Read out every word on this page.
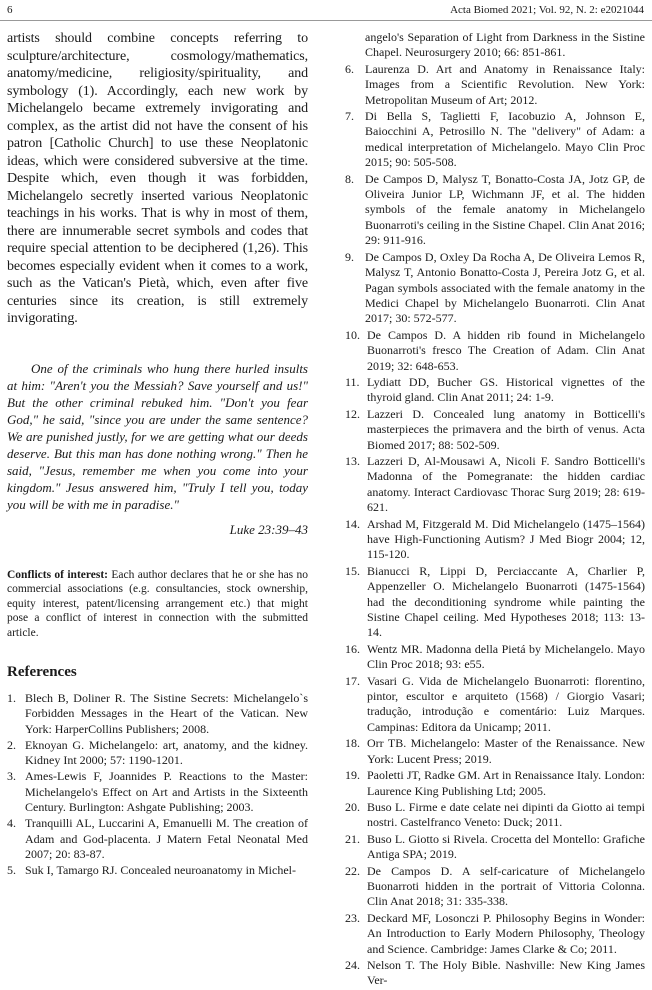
6	Acta Biomed 2021; Vol. 92, N. 2: e2021044

artists should combine concepts referring to sculpture/architecture, cosmology/mathematics, anatomy/medicine, religiosity/spirituality, and symbology (1). Accordingly, each new work by Michelangelo became extremely invigorating and complex, as the artist did not have the consent of his patron [Catholic Church] to use these Neoplatonic ideas, which were considered subversive at the time. Despite which, even though it was forbidden, Michelangelo secretly inserted various Neoplatonic teachings in his works. That is why in most of them, there are innumerable secret symbols and codes that require special attention to be deciphered (1,26). This becomes especially evident when it comes to a work, such as the Vatican's Pietà, which, even after five centuries since its creation, is still extremely invigorating.

One of the criminals who hung there hurled insults at him: "Aren't you the Messiah? Save yourself and us!" But the other criminal rebuked him. "Don't you fear God," he said, "since you are under the same sentence? We are punished justly, for we are getting what our deeds deserve. But this man has done nothing wrong." Then he said, "Jesus, remember me when you come into your kingdom." Jesus answered him, "Truly I tell you, today you will be with me in paradise."

Luke 23:39–43

Conflicts of interest: Each author declares that he or she has no commercial associations (e.g. consultancies, stock ownership, equity interest, patent/licensing arrangement etc.) that might pose a conflict of interest in connection with the submitted article.

References
1. Blech B, Doliner R. The Sistine Secrets: Michelangelo`s Forbidden Messages in the Heart of the Vatican. New York: HarperCollins Publishers; 2008.
2. Eknoyan G. Michelangelo: art, anatomy, and the kidney. Kidney Int 2000; 57: 1190-1201.
3. Ames-Lewis F, Joannides P. Reactions to the Master: Michelangelo's Effect on Art and Artists in the Sixteenth Century. Burlington: Ashgate Publishing; 2003.
4. Tranquilli AL, Luccarini A, Emanuelli M. The creation of Adam and God-placenta. J Matern Fetal Neonatal Med 2007; 20: 83-87.
5. Suk I, Tamargo RJ. Concealed neuroanatomy in Michel-
angelo's Separation of Light from Darkness in the Sistine Chapel. Neurosurgery 2010; 66: 851-861.
6. Laurenza D. Art and Anatomy in Renaissance Italy: Images from a Scientific Revolution. New York: Metropolitan Museum of Art; 2012.
7. Di Bella S, Taglietti F, Iacobuzio A, Johnson E, Baiocchini A, Petrosillo N. The "delivery" of Adam: a medical interpretation of Michelangelo. Mayo Clin Proc 2015; 90: 505-508.
8. De Campos D, Malysz T, Bonatto-Costa JA, Jotz GP, de Oliveira Junior LP, Wichmann JF, et al. The hidden symbols of the female anatomy in Michelangelo Buonarroti's ceiling in the Sistine Chapel. Clin Anat 2016; 29: 911-916.
9. De Campos D, Oxley Da Rocha A, De Oliveira Lemos R, Malysz T, Antonio Bonatto-Costa J, Pereira Jotz G, et al. Pagan symbols associated with the female anatomy in the Medici Chapel by Michelangelo Buonarroti. Clin Anat 2017; 30: 572-577.
10. De Campos D. A hidden rib found in Michelangelo Buonarroti's fresco The Creation of Adam. Clin Anat 2019; 32: 648-653.
11. Lydiatt DD, Bucher GS. Historical vignettes of the thyroid gland. Clin Anat 2011; 24: 1-9.
12. Lazzeri D. Concealed lung anatomy in Botticelli's masterpieces the primavera and the birth of venus. Acta Biomed 2017; 88: 502-509.
13. Lazzeri D, Al-Mousawi A, Nicoli F. Sandro Botticelli's Madonna of the Pomegranate: the hidden cardiac anatomy. Interact Cardiovasc Thorac Surg 2019; 28: 619-621.
14. Arshad M, Fitzgerald M. Did Michelangelo (1475–1564) have High-Functioning Autism? J Med Biogr 2004; 12, 115-120.
15. Bianucci R, Lippi D, Perciaccante A, Charlier P, Appenzeller O. Michelangelo Buonarroti (1475-1564) had the deconditioning syndrome while painting the Sistine Chapel ceiling. Med Hypotheses 2018; 113: 13-14.
16. Wentz MR. Madonna della Pietá by Michelangelo. Mayo Clin Proc 2018; 93: e55.
17. Vasari G. Vida de Michelangelo Buonarroti: florentino, pintor, escultor e arquiteto (1568) / Giorgio Vasari; tradução, introdução e comentário: Luiz Marques. Campinas: Editora da Unicamp; 2011.
18. Orr TB. Michelangelo: Master of the Renaissance. New York: Lucent Press; 2019.
19. Paoletti JT, Radke GM. Art in Renaissance Italy. London: Laurence King Publishing Ltd; 2005.
20. Buso L. Firme e date celate nei dipinti da Giotto ai tempi nostri. Castelfranco Veneto: Duck; 2011.
21. Buso L. Giotto si Rivela. Crocetta del Montello: Grafiche Antiga SPA; 2019.
22. De Campos D. A self-caricature of Michelangelo Buonarroti hidden in the portrait of Vittoria Colonna. Clin Anat 2018; 31: 335-338.
23. Deckard MF, Losonczi P. Philosophy Begins in Wonder: An Introduction to Early Modern Philosophy, Theology and Science. Cambridge: James Clarke & Co; 2011.
24. Nelson T. The Holy Bible. Nashville: New King James Ver-
